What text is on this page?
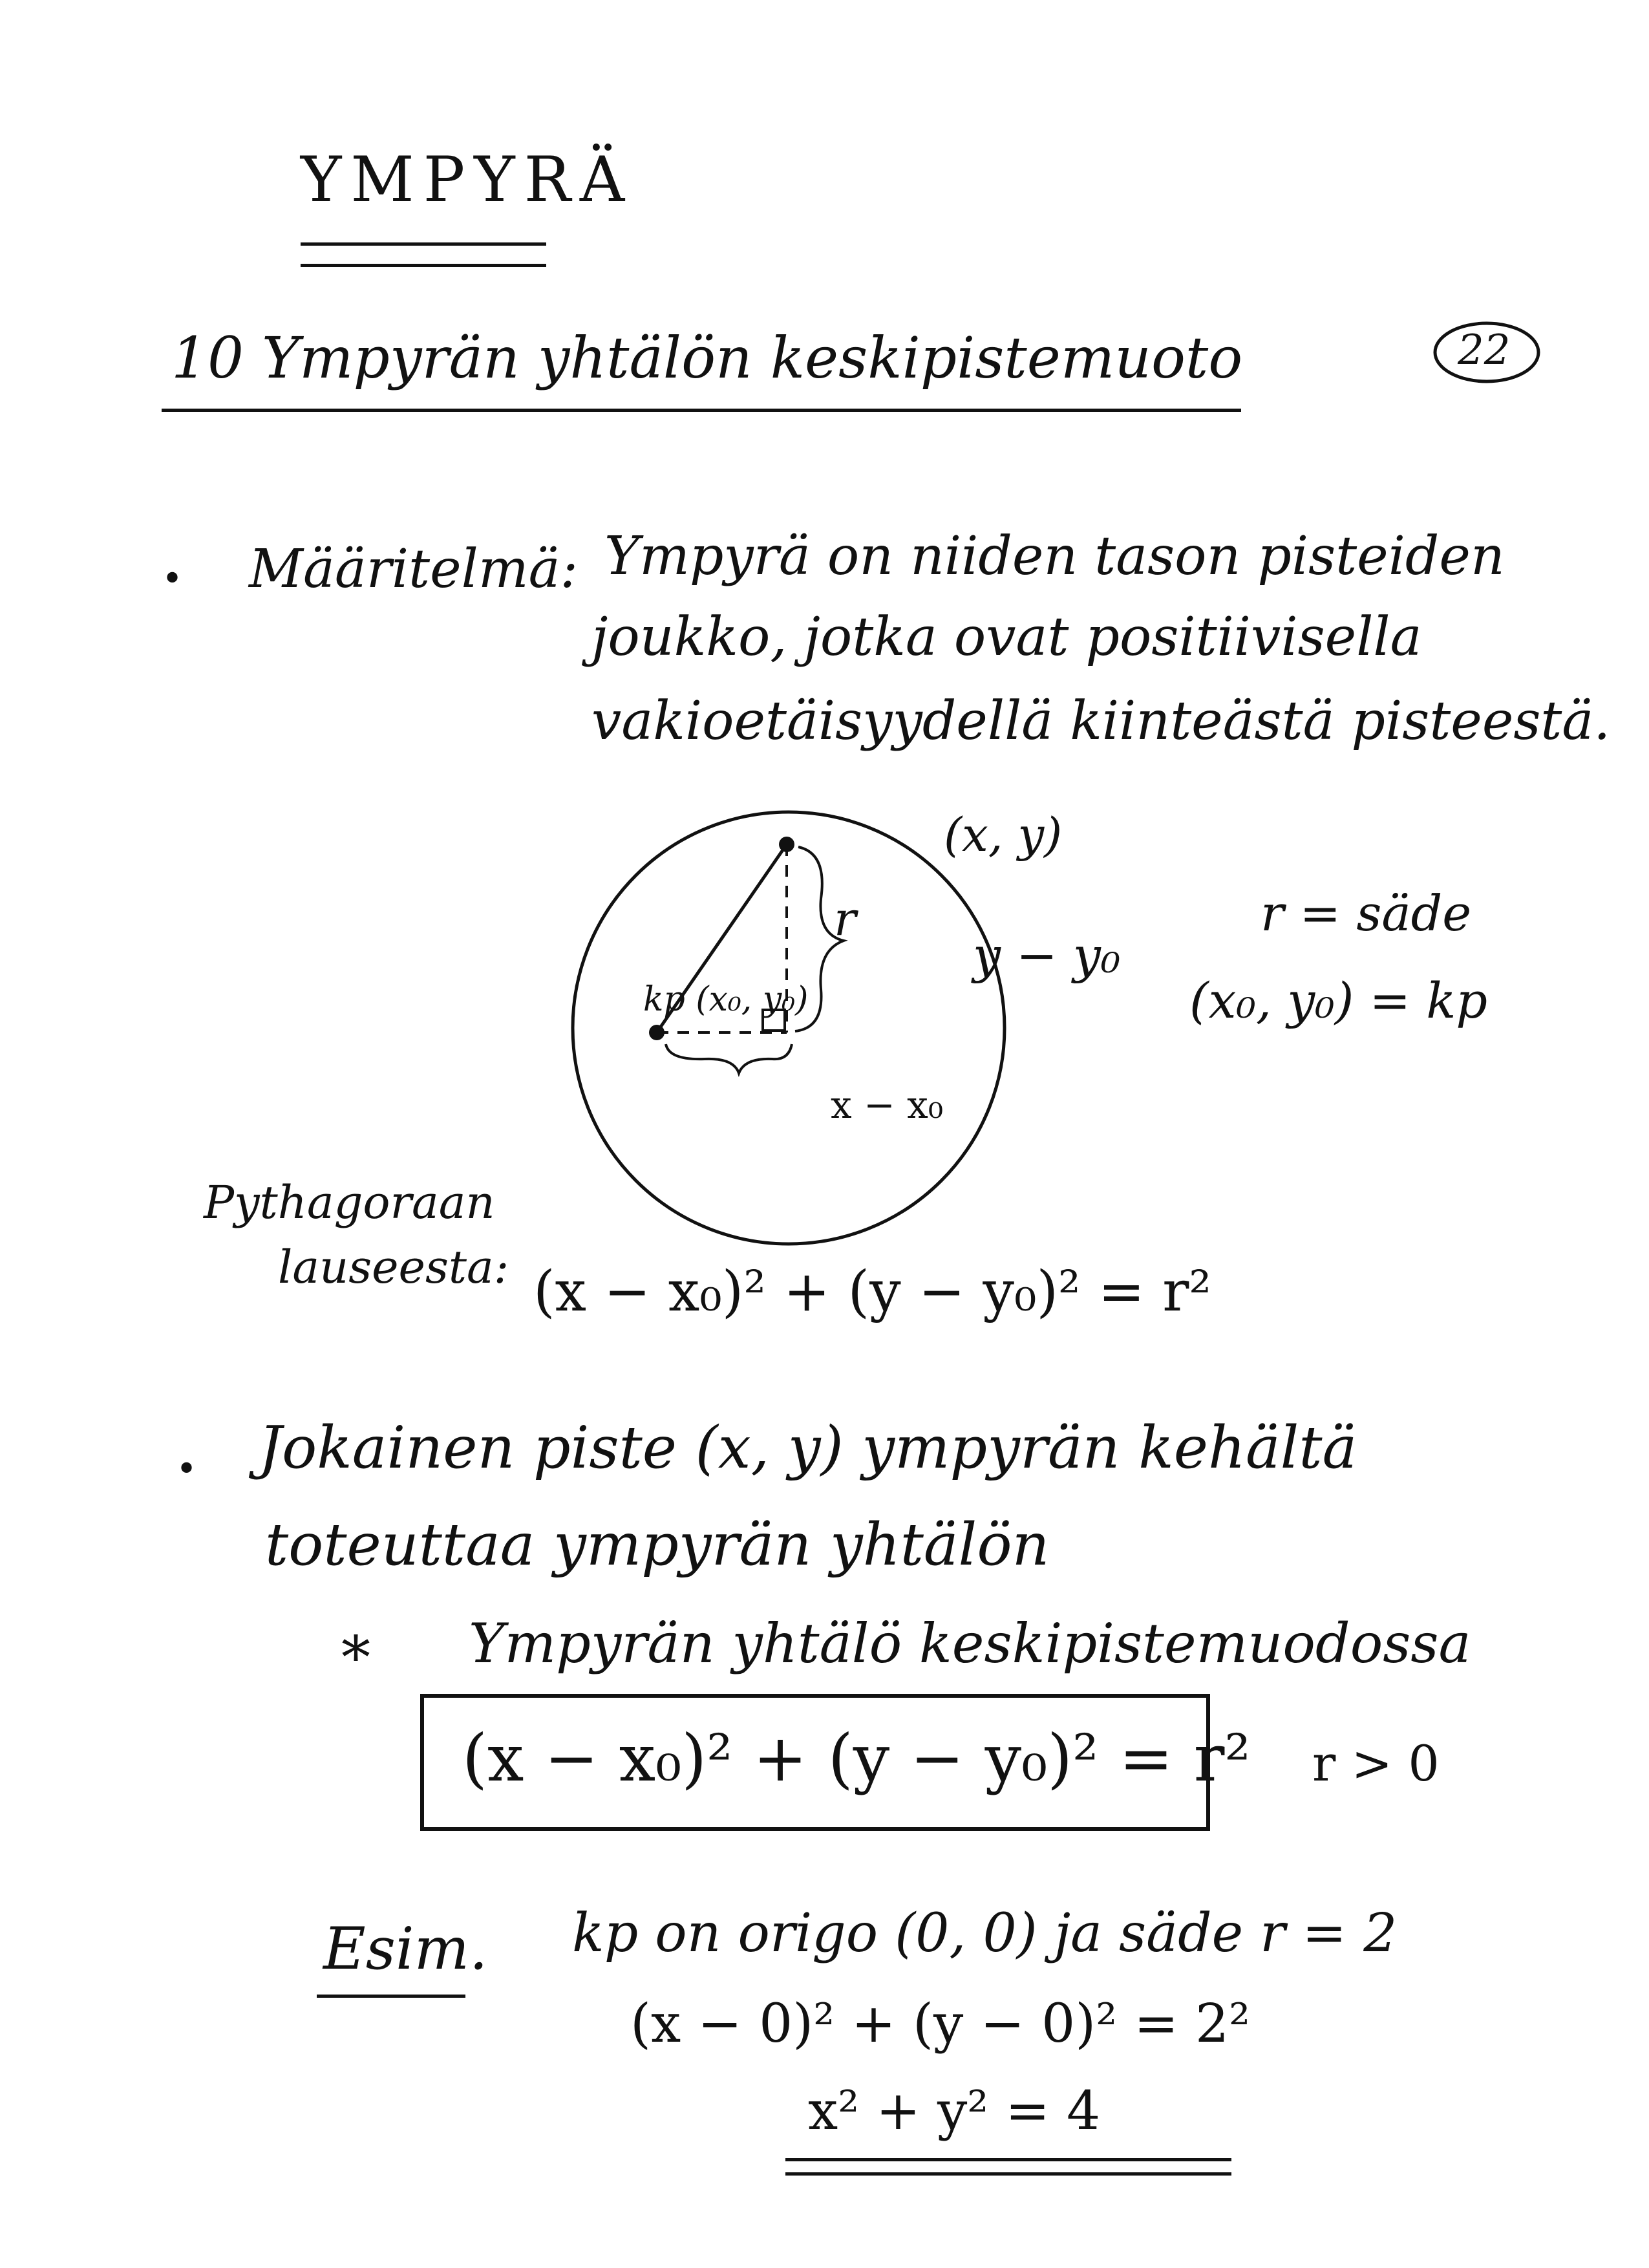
YMPYRÄ
10 Ympyrän yhtälön keskipistemuoto	22
• Määritelmä: Ympyrä on niiden tason pisteiden
joukko, jotka ovat positiivisella
vakioetäisyydellä kiinteästä pisteestä.
(x, y)
r
y − y₀
kp (x₀, y₀)
x − x₀
r = säde
(x₀, y₀) = kp
Pythagoraan
lauseesta: (x − x₀)² + (y − y₀)² = r²
• Jokainen piste (x, y) ympyrän kehältä
toteuttaa ympyrän yhtälön
* Ympyrän yhtälö keskipistemuodossa
(x − x₀)² + (y − y₀)² = r² r > 0
Esim. kp on origo (0, 0) ja säde r = 2
(x − 0)² + (y − 0)² = 2²
x² + y² = 4
